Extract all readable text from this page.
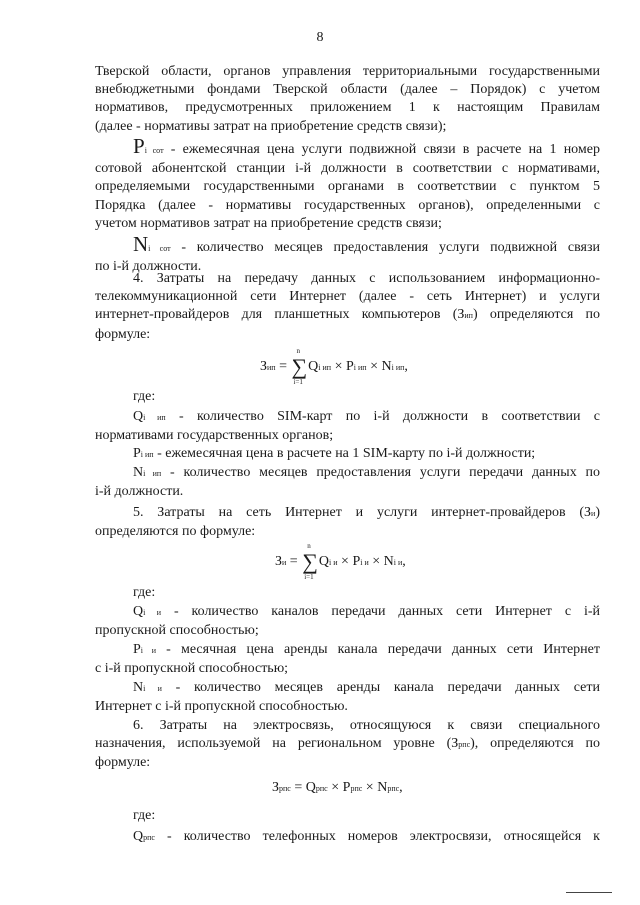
8
Тверской области, органов управления территориальными государственными
внебюджетными фондами Тверской области (далее – Порядок) с учетом
нормативов, предусмотренных приложением 1 к настоящим Правилам
(далее - нормативы затрат на приобретение средств связи);
Pi сот - ежемесячная цена услуги подвижной связи в расчете на 1 номер
сотовой абонентской станции i-й должности в соответствии с нормативами,
определяемыми государственными органами в соответствии с пунктом 5
Порядка (далее - нормативы государственных органов), определенными с
учетом нормативов затрат на приобретение средств связи;
Ni сот - количество месяцев предоставления услуги подвижной связи
по i-й должности.
4. Затраты на передачу данных с использованием информационно-
телекоммуникационной сети Интернет (далее - сеть Интернет) и услуги
интернет-провайдеров для планшетных компьютеров (Зип) определяются по
формуле:
Зип = ∑
n
i=1
Qi ип × Pi ип × Ni ип,
где:
Qi ип - количество SIM-карт по i-й должности в соответствии с
нормативами государственных органов;
Pi ип - ежемесячная цена в расчете на 1 SIM-карту по i-й должности;
Ni ип - количество месяцев предоставления услуги передачи данных по
i-й должности.
5. Затраты на сеть Интернет и услуги интернет-провайдеров (Зи)
определяются по формуле:
Зи = ∑
n
i=1
Qi и × Pi и × Ni и,
где:
Qi и - количество каналов передачи данных сети Интернет с i-й
пропускной способностью;
Pi и - месячная цена аренды канала передачи данных сети Интернет
с i-й пропускной способностью;
Ni и - количество месяцев аренды канала передачи данных сети
Интернет с i-й пропускной способностью.
6. Затраты на электросвязь, относящуюся к связи специального
назначения, используемой на региональном уровне (Зрпс), определяются по
формуле:
Зрпс = Qрпс × Pрпс × Nрпс,
где:
Qрпс - количество телефонных номеров электросвязи, относящейся к
